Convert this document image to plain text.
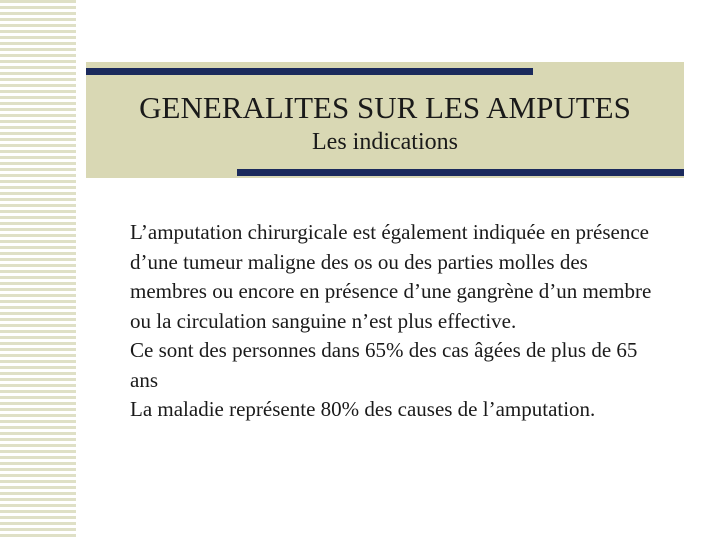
GENERALITES SUR LES AMPUTES
Les indications

L’amputation chirurgicale est également indiquée en présence d’une tumeur maligne des os ou des parties molles des membres ou encore en présence d’une gangrène d’un membre ou la circulation sanguine n’est plus effective.

Ce sont des personnes dans 65% des cas âgées de plus de 65 ans

La maladie représente 80% des causes de l’amputation.
